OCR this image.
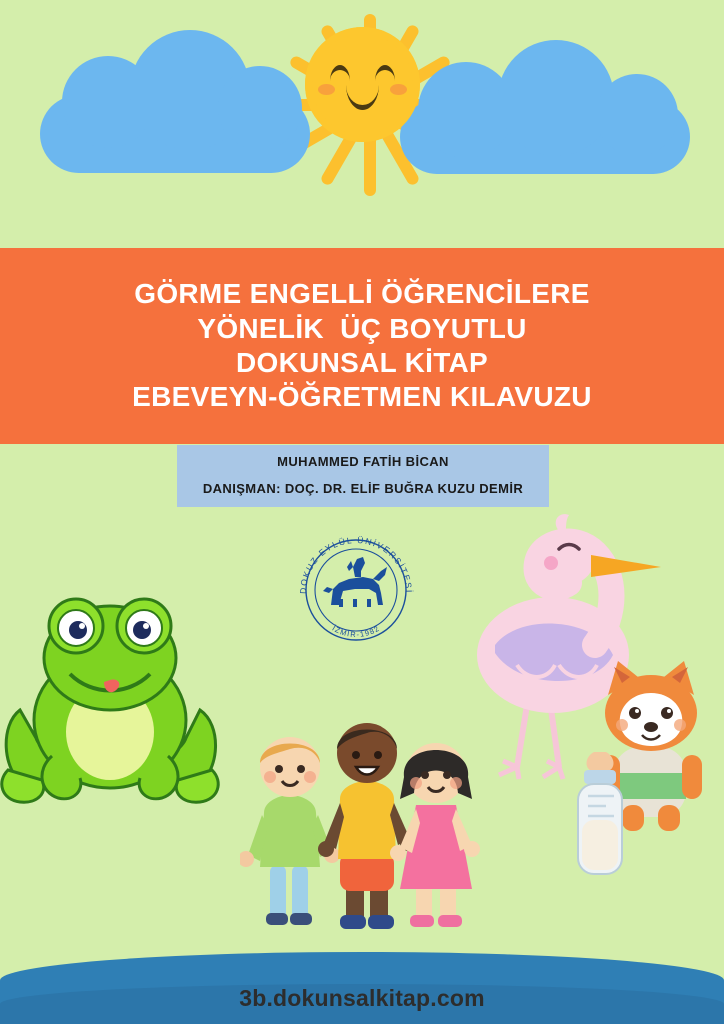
GÖRME ENGELLİ ÖĞRENCİLERE
YÖNELİK  ÜÇ BOYUTLU
DOKUNSAL KİTAP
EBEVEYN-ÖĞRETMEN KILAVUZU
MUHAMMED FATİH BİCAN
DANIŞMAN: DOÇ. DR. ELİF BUĞRA KUZU DEMİR
DOKUZ EYLÜL ÜNİVERSİTESİ
İZMİR-1982
3b.dokunsalkitap.com
